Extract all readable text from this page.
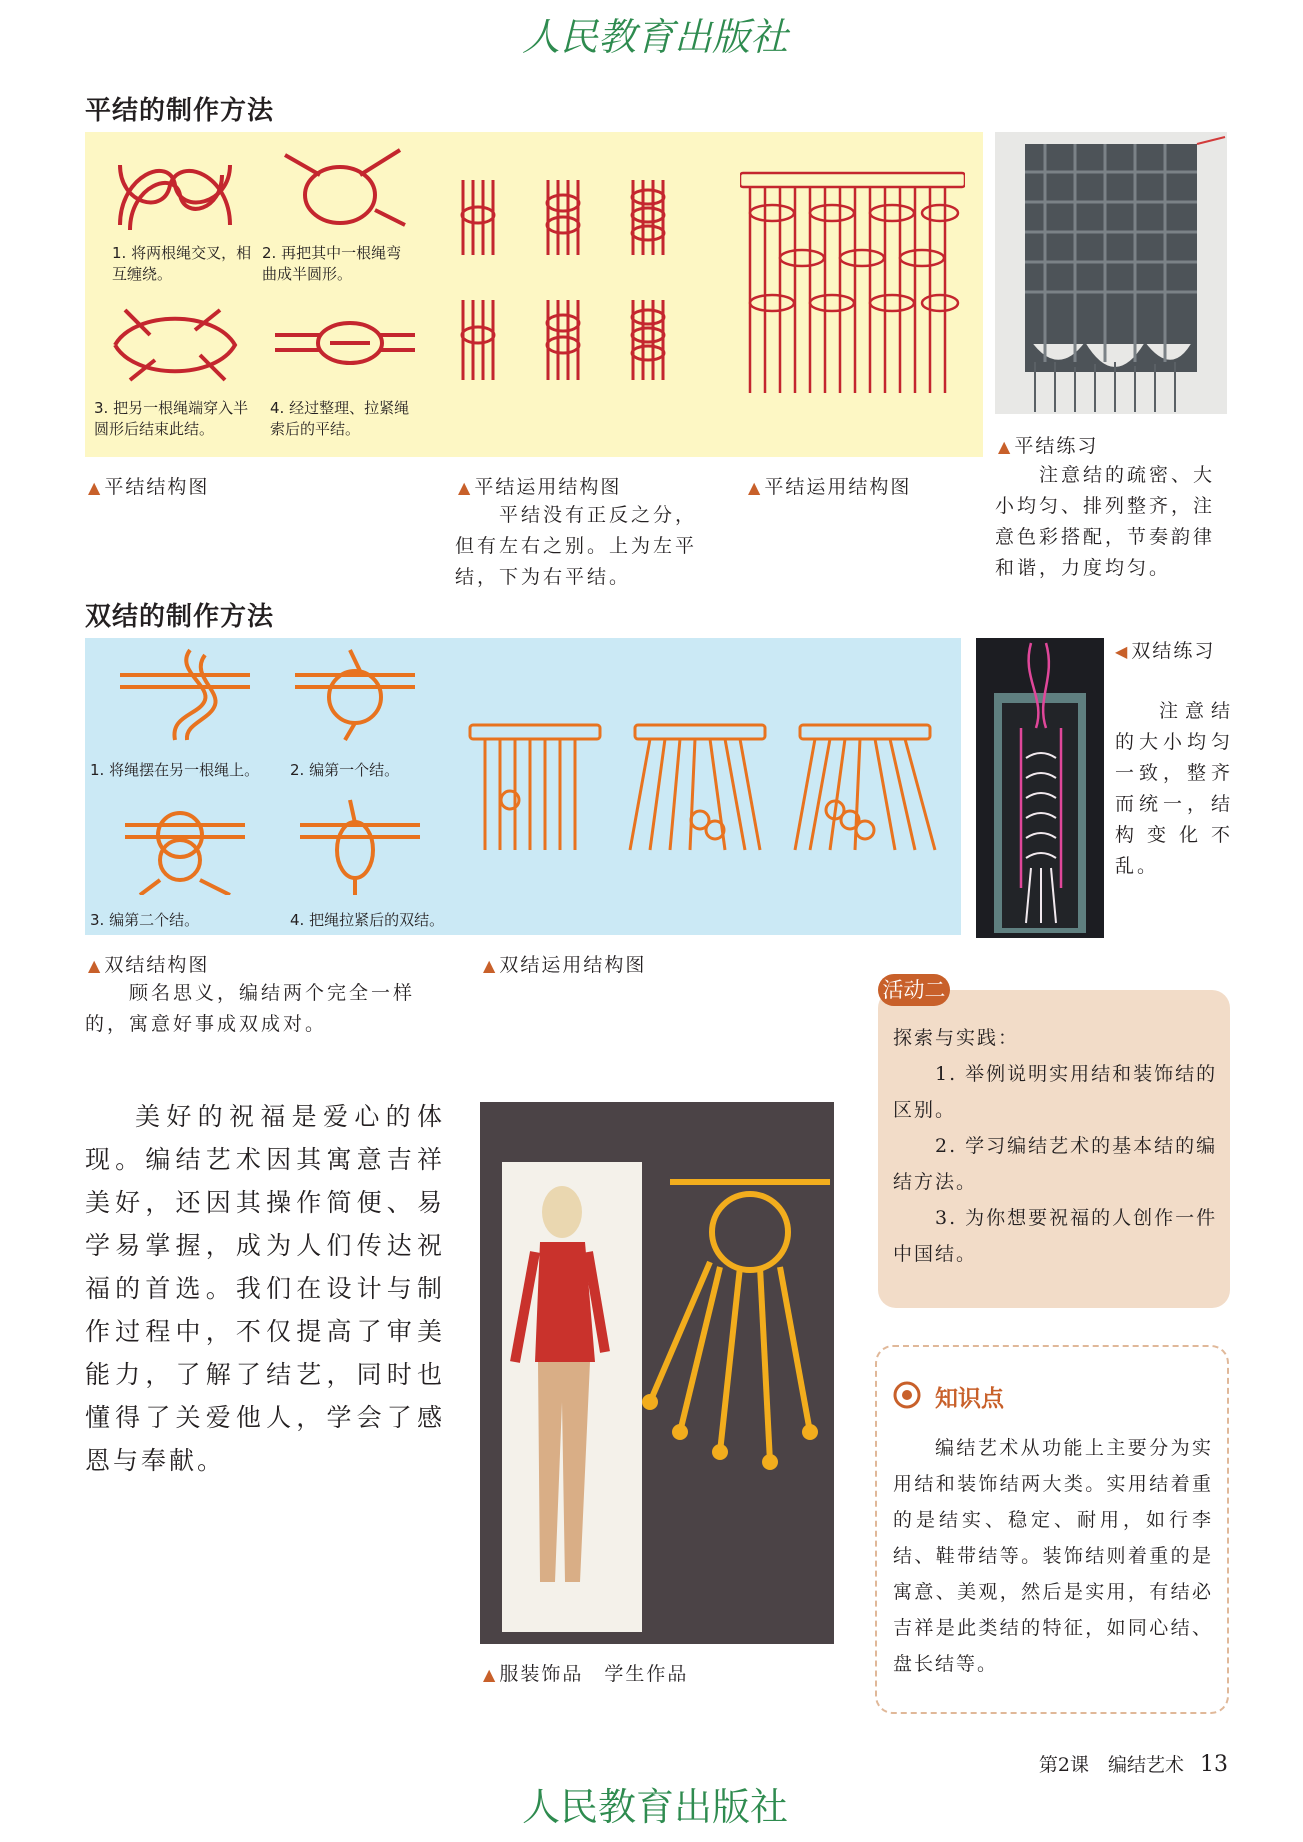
人民教育出版社
平结的制作方法
1. 将两根绳交叉，相互缠绕。
2. 再把其中一根绳弯曲成半圆形。
3. 把另一根绳端穿入半圆形后结束此结。
4. 经过整理、拉紧绳索后的平结。
▲ 平结结构图	▲ 平结运用结构图
平结没有正反之分，但有左右之别。上为左平结，下为右平结。
▲ 平结运用结构图
▲ 平结练习
注意结的疏密、大小均匀、排列整齐，注意色彩搭配，节奏韵律和谐，力度均匀。
双结的制作方法
1. 将绳摆在另一根绳上。	2. 编第一个结。
3. 编第二个结。	4. 把绳拉紧后的双结。
▲ 双结结构图
顾名思义，编结两个完全一样的，寓意好事成双成对。
▲ 双结运用结构图
◀ 双结练习
注意结的大小均匀一致，整齐而统一，结构变化不乱。
美好的祝福是爱心的体现。编结艺术因其寓意吉祥美好，还因其操作简便、易学易掌握，成为人们传达祝福的首选。我们在设计与制作过程中，不仅提高了审美能力，了解了结艺，同时也懂得了关爱他人，学会了感恩与奉献。
▲ 服装饰品　学生作品
活动二
探索与实践：
1. 举例说明实用结和装饰结的区别。
2. 学习编结艺术的基本结的编结方法。
3. 为你想要祝福的人创作一件中国结。
知识点
编结艺术从功能上主要分为实用结和装饰结两大类。实用结着重的是结实、稳定、耐用，如行李结、鞋带结等。装饰结则着重的是寓意、美观，然后是实用，有结必吉祥是此类结的特征，如同心结、盘长结等。
第2课　编结艺术 13
人民教育出版社
